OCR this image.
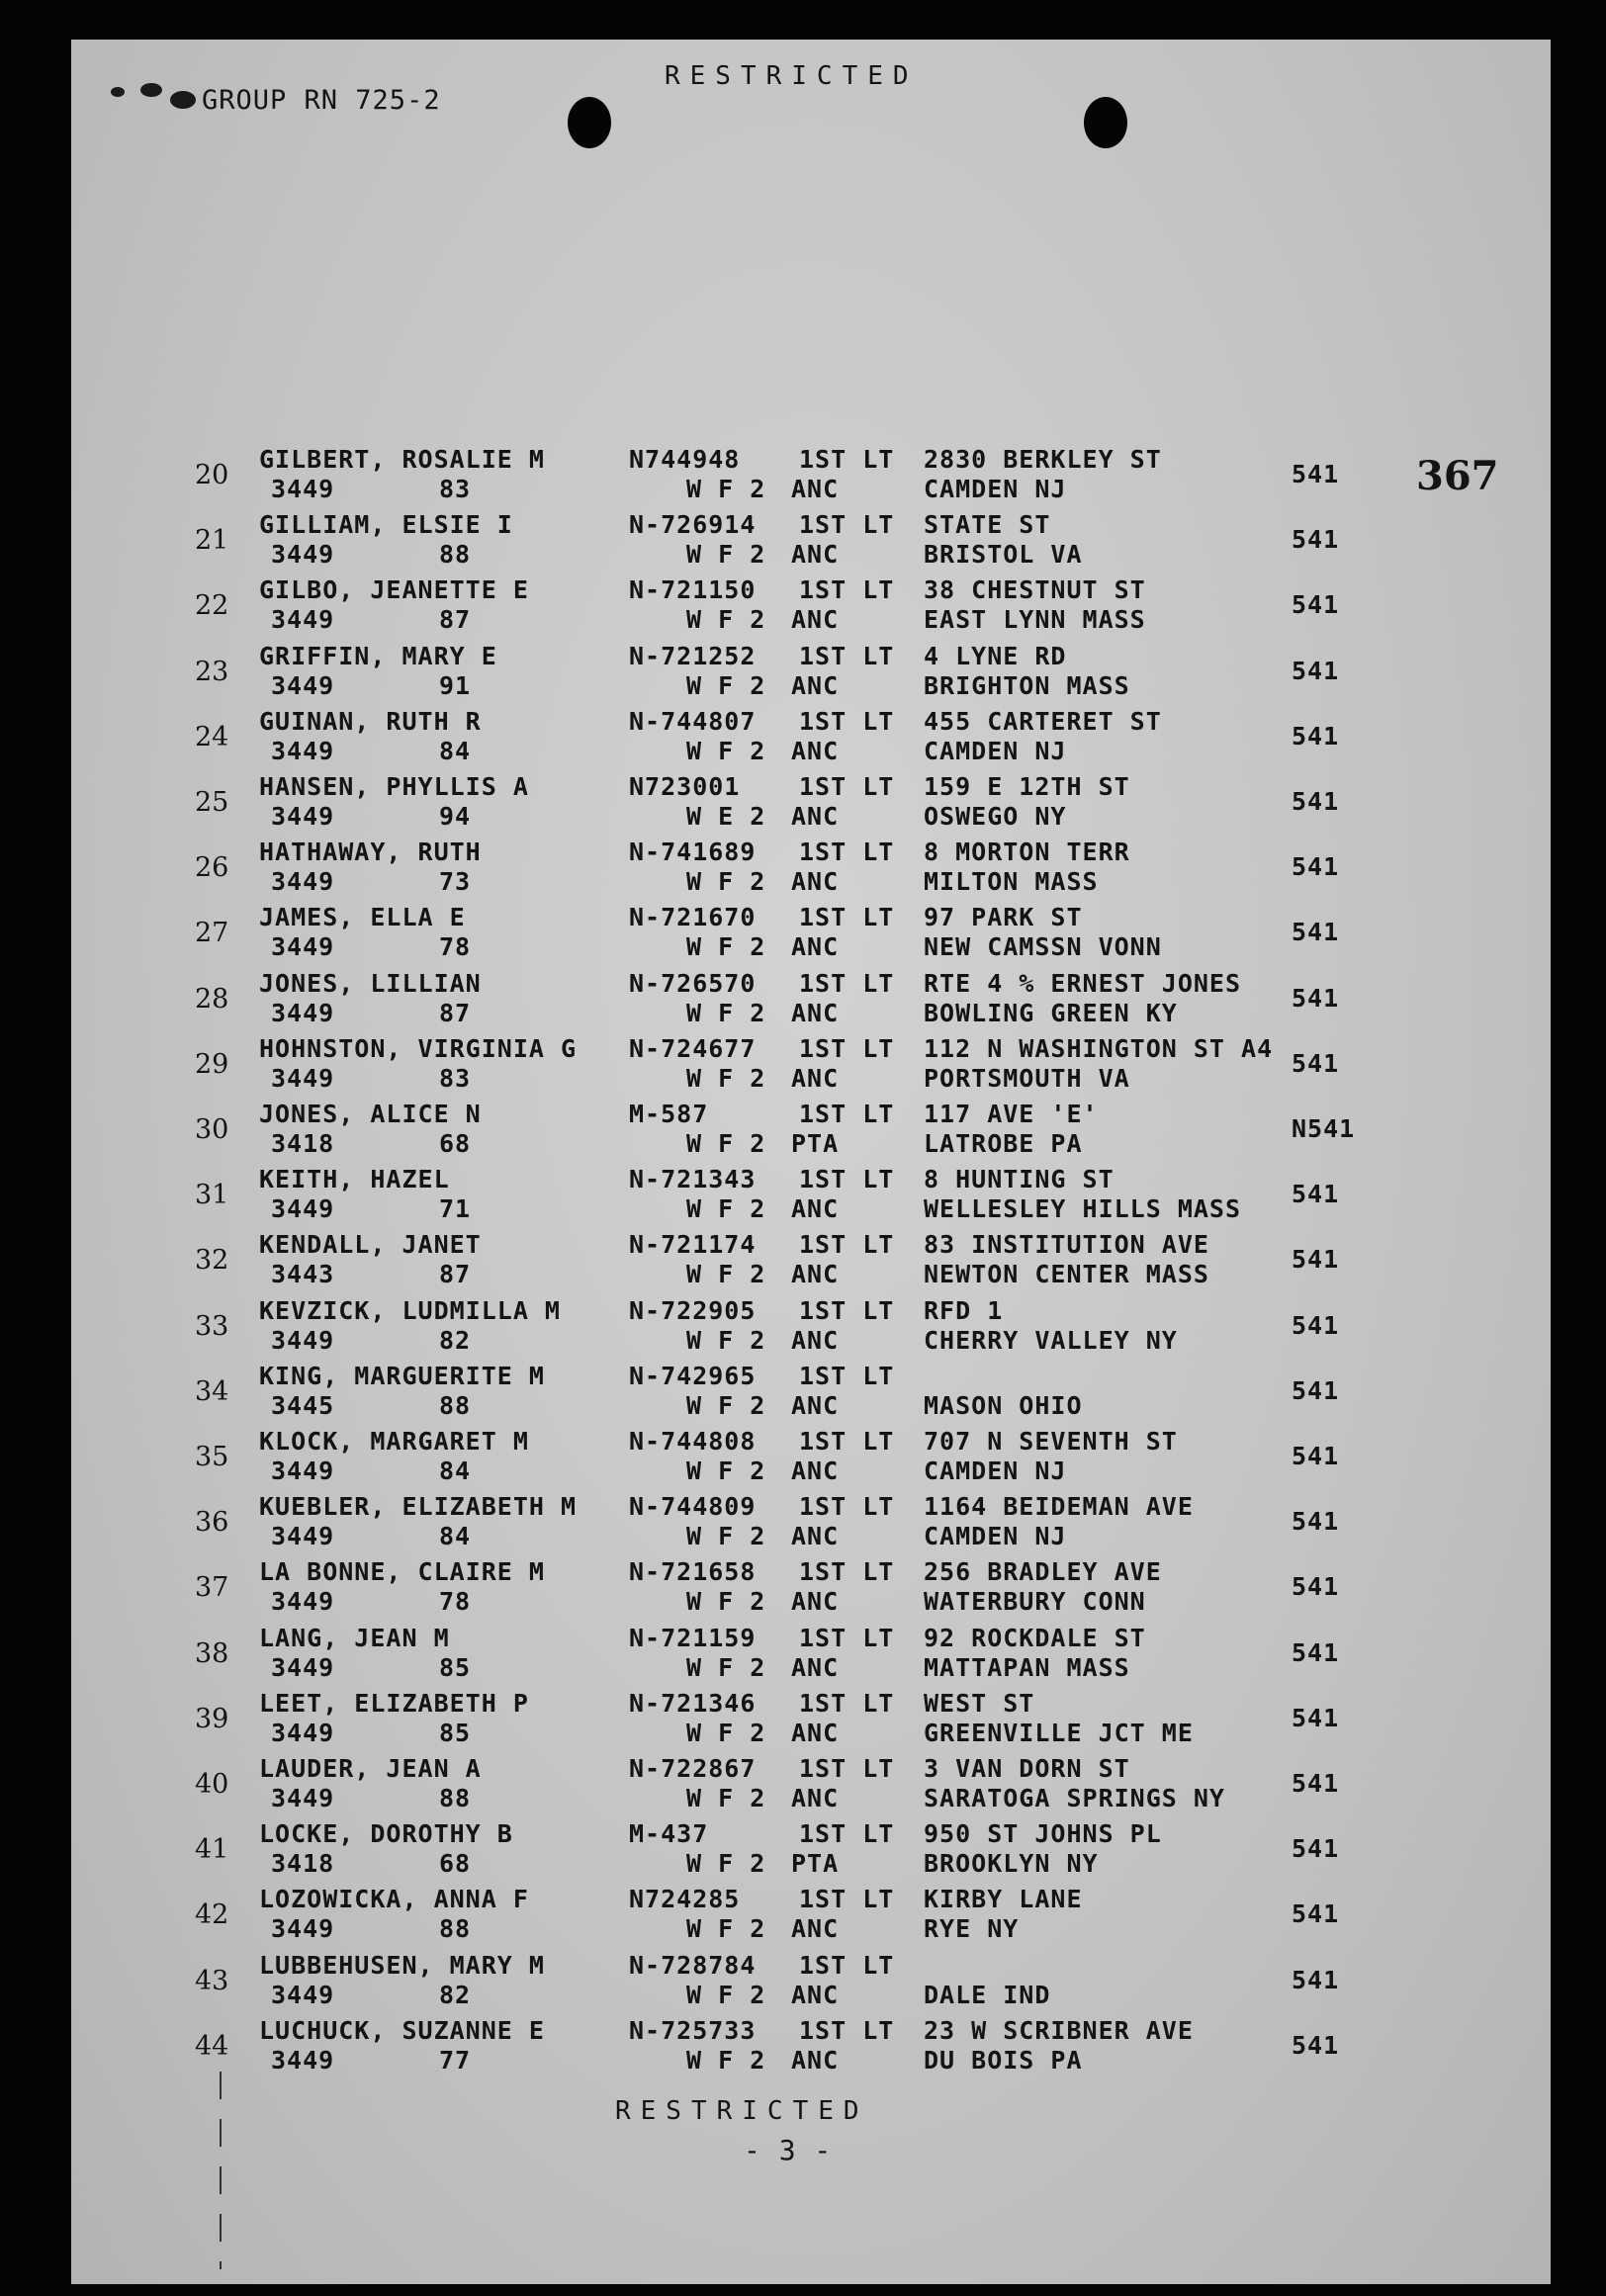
RESTRICTED
GROUP RN 725-2
367
20
GILBERT, ROSALIE M
3449	83
N744948 1ST LT
W F 2 ANC
2830 BERKLEY ST
CAMDEN NJ
541
21
GILLIAM, ELSIE I
3449	88
N-726914 1ST LT
W F 2 ANC
STATE ST
BRISTOL VA
541
22
GILBO, JEANETTE E
3449	87
N-721150 1ST LT
W F 2 ANC
38 CHESTNUT ST
EAST LYNN MASS
541
23
GRIFFIN, MARY E
3449	91
N-721252 1ST LT
W F 2 ANC
4 LYNE RD
BRIGHTON MASS
541
24
GUINAN, RUTH R
3449	84
N-744807 1ST LT
W F 2 ANC
455 CARTERET ST
CAMDEN NJ
541
25
HANSEN, PHYLLIS A
3449	94
N723001 1ST LT
W E 2 ANC
159 E 12TH ST
OSWEGO NY
541
26
HATHAWAY, RUTH
3449	73
N-741689 1ST LT
W F 2 ANC
8 MORTON TERR
MILTON MASS
541
27
JAMES, ELLA E
3449	78
N-721670 1ST LT
W F 2 ANC
97 PARK ST
NEW CAMSSN VONN
541
28
JONES, LILLIAN
3449	87
N-726570 1ST LT
W F 2 ANC
RTE 4 % ERNEST JONES
BOWLING GREEN KY
541
29
HOHNSTON, VIRGINIA G
3449	83
N-724677 1ST LT
W F 2 ANC
112 N WASHINGTON ST A4
PORTSMOUTH VA
541
30
JONES, ALICE N
3418	68
M-587	1ST LT
W F 2 PTA
117 AVE 'E'
LATROBE PA
N541
31
KEITH, HAZEL
3449	71
N-721343 1ST LT
W F 2 ANC
8 HUNTING ST
WELLESLEY HILLS MASS
541
32
KENDALL, JANET
3443	87
N-721174 1ST LT
W F 2 ANC
83 INSTITUTION AVE
NEWTON CENTER MASS
541
33
KEVZICK, LUDMILLA M
3449	82
N-722905 1ST LT
W F 2 ANC
RFD 1
CHERRY VALLEY NY
541
34
KING, MARGUERITE M
3445	88
N-742965 1ST LT
W F 2 ANC	MASON OHIO
541
35
KLOCK, MARGARET M
3449	84
N-744808 1ST LT
W F 2 ANC
707 N SEVENTH ST
CAMDEN NJ
541
36
KUEBLER, ELIZABETH M
3449	84
N-744809 1ST LT
W F 2 ANC
1164 BEIDEMAN AVE
CAMDEN NJ
541
37
LA BONNE, CLAIRE M
3449	78
N-721658 1ST LT
W F 2 ANC
256 BRADLEY AVE
WATERBURY CONN
541
38
LANG, JEAN M
3449	85
N-721159 1ST LT
W F 2 ANC
92 ROCKDALE ST
MATTAPAN MASS
541
39
LEET, ELIZABETH P
3449	85
N-721346 1ST LT
W F 2 ANC
WEST ST
GREENVILLE JCT ME
541
40
LAUDER, JEAN A
3449	88
N-722867 1ST LT
W F 2 ANC
3 VAN DORN ST
SARATOGA SPRINGS NY
541
41
LOCKE, DOROTHY B
3418	68
M-437	1ST LT
W F 2 PTA
950 ST JOHNS PL
BROOKLYN NY
541
42
LOZOWICKA, ANNA F
3449	88
N724285 1ST LT
W F 2 ANC
KIRBY LANE
RYE NY
541
43
LUBBEHUSEN, MARY M
3449	82
N-728784 1ST LT
W F 2 ANC	DALE IND
541
44
LUCHUCK, SUZANNE E
3449	77
N-725733 1ST LT
W F 2 ANC
23 W SCRIBNER AVE
DU BOIS PA
541
RESTRICTED
- 3 -
